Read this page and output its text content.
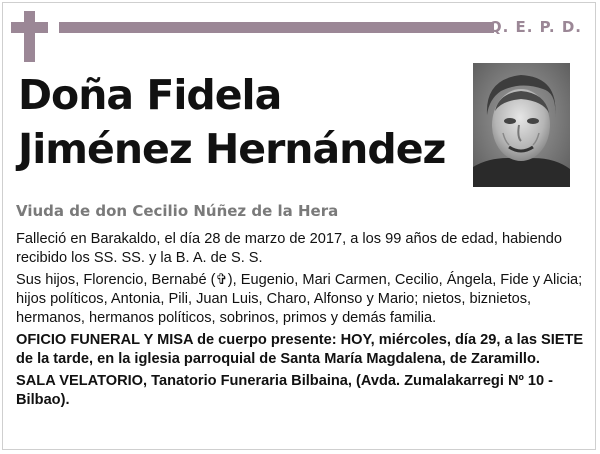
Q. E. P. D.
Doña Fidela
Jiménez Hernández
Viuda de don Cecilio Núñez de la Hera

Falleció en Barakaldo, el día 28 de marzo de 2017, a los 99 años de edad, habiendo recibido los SS. SS. y la B. A. de S. S.

Sus hijos, Florencio, Bernabé (✞), Eugenio, Mari Carmen, Cecilio, Ángela, Fide y Alicia; hijos políticos, Antonia, Pili, Juan Luis, Charo, Alfonso y Mario; nietos, biznietos, hermanos, hermanos políticos, sobrinos, primos y demás familia.

OFICIO FUNERAL Y MISA de cuerpo presente: HOY, miércoles, día 29, a las SIETE de la tarde, en la iglesia parroquial de Santa María Magdalena, de Zaramillo.

SALA VELATORIO, Tanatorio Funeraria Bilbaina, (Avda. Zumalakarregi Nº 10 - Bilbao).
